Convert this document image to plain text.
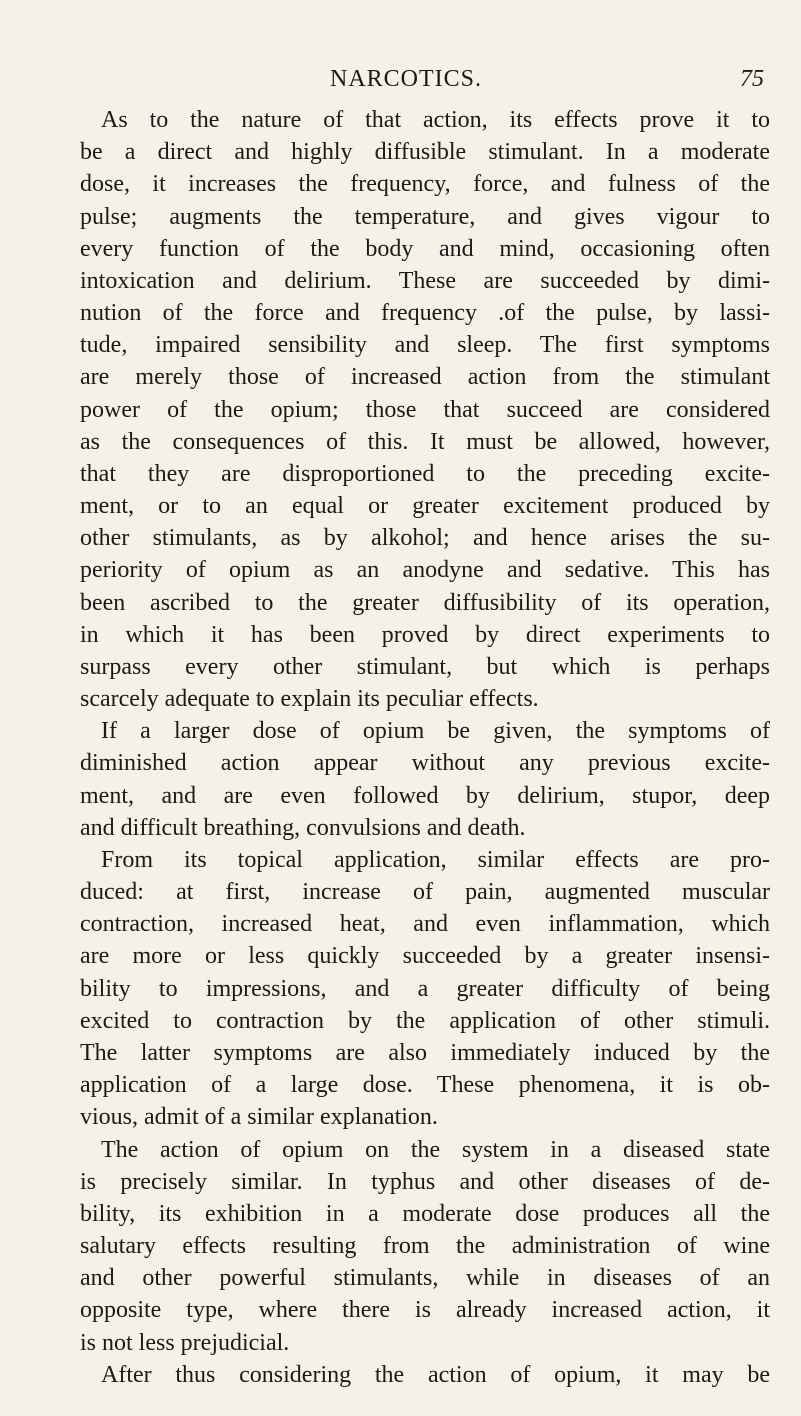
NARCOTICS.	75
As to the nature of that action, its effects prove it to
be a direct and highly diffusible stimulant. In a moderate
dose, it increases the frequency, force, and fulness of the
pulse; augments the temperature, and gives vigour to
every function of the body and mind, occasioning often
intoxication and delirium. These are succeeded by dimi-
nution of the force and frequency .of the pulse, by lassi-
tude, impaired sensibility and sleep. The first symptoms
are merely those of increased action from the stimulant
power of the opium; those that succeed are considered
as the consequences of this. It must be allowed, however,
that they are disproportioned to the preceding excite-
ment, or to an equal or greater excitement produced by
other stimulants, as by alkohol; and hence arises the su-
periority of opium as an anodyne and sedative. This has
been ascribed to the greater diffusibility of its operation,
in which it has been proved by direct experiments to
surpass every other stimulant, but which is perhaps
scarcely adequate to explain its peculiar effects.
If a larger dose of opium be given, the symptoms of
diminished action appear without any previous excite-
ment, and are even followed by delirium, stupor, deep
and difficult breathing, convulsions and death.
From its topical application, similar effects are pro-
duced: at first, increase of pain, augmented muscular
contraction, increased heat, and even inflammation, which
are more or less quickly succeeded by a greater insensi-
bility to impressions, and a greater difficulty of being
excited to contraction by the application of other stimuli.
The latter symptoms are also immediately induced by the
application of a large dose. These phenomena, it is ob-
vious, admit of a similar explanation.
The action of opium on the system in a diseased state
is precisely similar. In typhus and other diseases of de-
bility, its exhibition in a moderate dose produces all the
salutary effects resulting from the administration of wine
and other powerful stimulants, while in diseases of an
opposite type, where there is already increased action, it
is not less prejudicial.
After thus considering the action of opium, it may be
